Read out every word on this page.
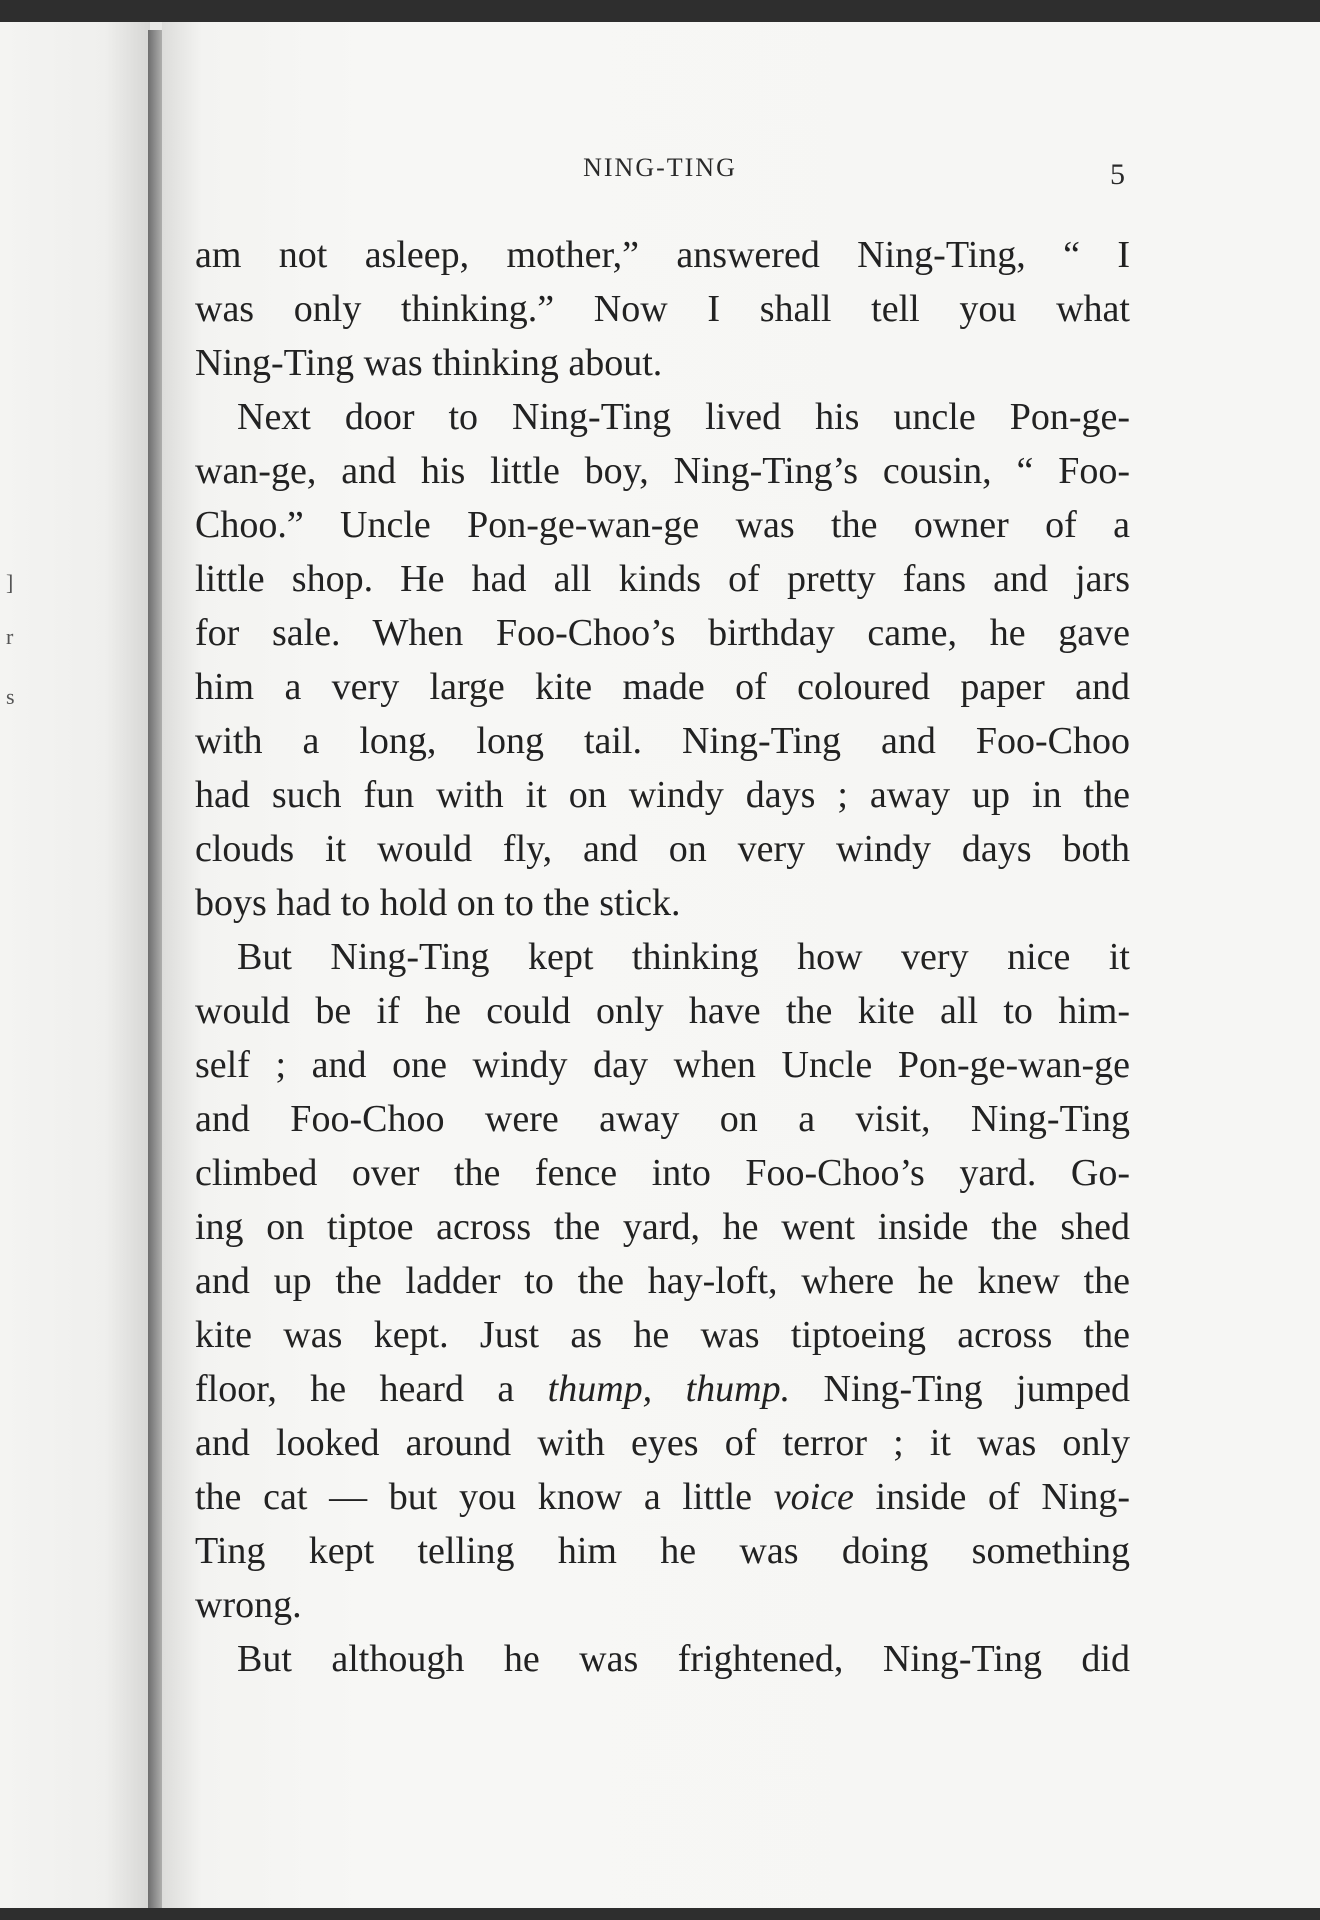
]
r
s
NING-TING	5
am not asleep, mother,” answered Ning-Ting, “ I
was only thinking.” Now I shall tell you what
Ning-Ting was thinking about.
Next door to Ning-Ting lived his uncle Pon-ge-
wan-ge, and his little boy, Ning-Ting’s cousin, “ Foo-
Choo.” Uncle Pon-ge-wan-ge was the owner of a
little shop. He had all kinds of pretty fans and jars
for sale. When Foo-Choo’s birthday came, he gave
him a very large kite made of coloured paper and
with a long, long tail. Ning-Ting and Foo-Choo
had such fun with it on windy days ; away up in the
clouds it would fly, and on very windy days both
boys had to hold on to the stick.
But Ning-Ting kept thinking how very nice it
would be if he could only have the kite all to him-
self ; and one windy day when Uncle Pon-ge-wan-ge
and Foo-Choo were away on a visit, Ning-Ting
climbed over the fence into Foo-Choo’s yard. Go-
ing on tiptoe across the yard, he went inside the shed
and up the ladder to the hay-loft, where he knew the
kite was kept. Just as he was tiptoeing across the
floor, he heard a thump, thump. Ning-Ting jumped
and looked around with eyes of terror ; it was only
the cat — but you know a little voice inside of Ning-
Ting kept telling him he was doing something
wrong.
But although he was frightened, Ning-Ting did
